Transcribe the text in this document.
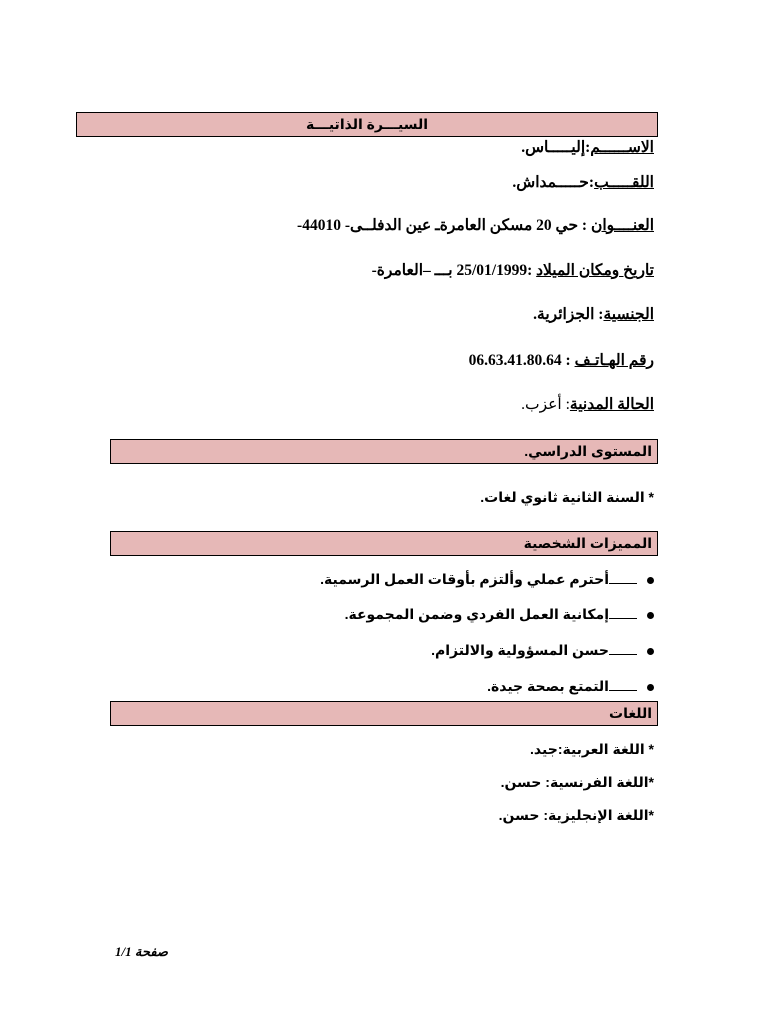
السيـــرة الذاتيـــة
الاســــــم:إليـــــاس.
اللقـــــب:حـــــمداش.
العنــــوان : حي 20 مسكن العامرةـ عين الدفلــى- 44010-
تاريخ ومكان الميلاد :25/01/1999 بـــ –العامرة-
الجنسية: الجزائرية.
رقم الهـاتـف : 06.63.41.80.64
الحالة المدنية: أعزب.
المستوى الدراسي.
* السنة الثانية ثانوي لغات.
المميزات الشخصية
أحترم عملي وألتزم بأوقات العمل الرسمية.
إمكانية العمل الفردي وضمن المجموعة.
حسن المسؤولية والالتزام.
التمتع بصحة جيدة.
اللغات
* اللغة العربية:جيد.
*اللغة الفرنسية: حسن.
*اللغة الإنجليزية: حسن.
صفحة 1/1
